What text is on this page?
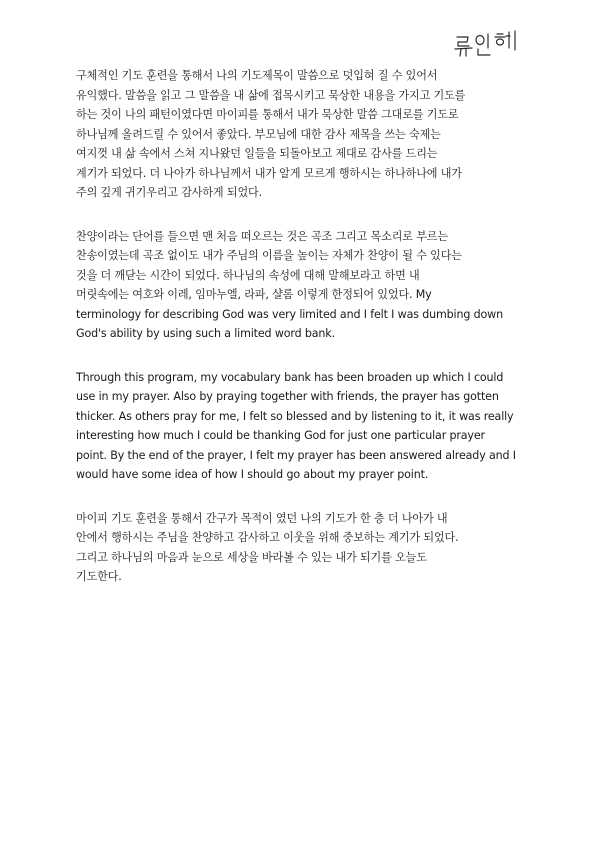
구체적인 기도 훈련을 통해서 나의 기도제목이 말씀으로 덧입혀 질 수 있어서
유익했다. 말씀을 읽고 그 말씀을 내 삶에 접목시키고 묵상한 내용을 가지고 기도를
하는 것이 나의 패턴이였다면 마이피를 통해서 내가 묵상한 말씀 그대로를 기도로
하나님께 올려드릴 수 있어서 좋았다. 부모님에 대한 감사 제목을 쓰는 숙제는
여지껏 내 삶 속에서 스쳐 지나왔던 일들을 되돌아보고 제대로 감사를 드리는
계기가 되었다. 더 나아가 하나님께서 내가 알게 모르게 행하시는 하나하나에 내가
주의 깊게 귀기우리고 감사하게 되었다.
찬양이라는 단어를 들으면 맨 처음 떠오르는 것은 곡조 그리고 목소리로 부르는
찬송이였는데 곡조 없이도 내가 주님의 이름을 높이는 자체가 찬양이 될 수 있다는
것을 더 깨닫는 시간이 되었다. 하나님의 속성에 대해 말해보라고 하면 내
머릿속에는 여호와 이레, 임마누엘, 라파, 샬롬 이렇게 한정되어 있었다. My
terminology for describing God was very limited and I felt I was dumbing down
God's ability by using such a limited word bank.
Through this program, my vocabulary bank has been broaden up which I could
use in my prayer. Also by praying together with friends, the prayer has gotten
thicker. As others pray for me, I felt so blessed and by listening to it, it was really
interesting how much I could be thanking God for just one particular prayer
point. By the end of the prayer, I felt my prayer has been answered already and I
would have some idea of how I should go about my prayer point.
마이피 기도 훈련을 통해서 간구가 목적이 였던 나의 기도가 한 층 더 나아가 내
안에서 행하시는 주님을 찬양하고 감사하고 이웃을 위해 중보하는 계기가 되었다.
그리고 하나님의 마음과 눈으로 세상을 바라볼 수 있는 내가 되기를 오늘도
기도한다.
